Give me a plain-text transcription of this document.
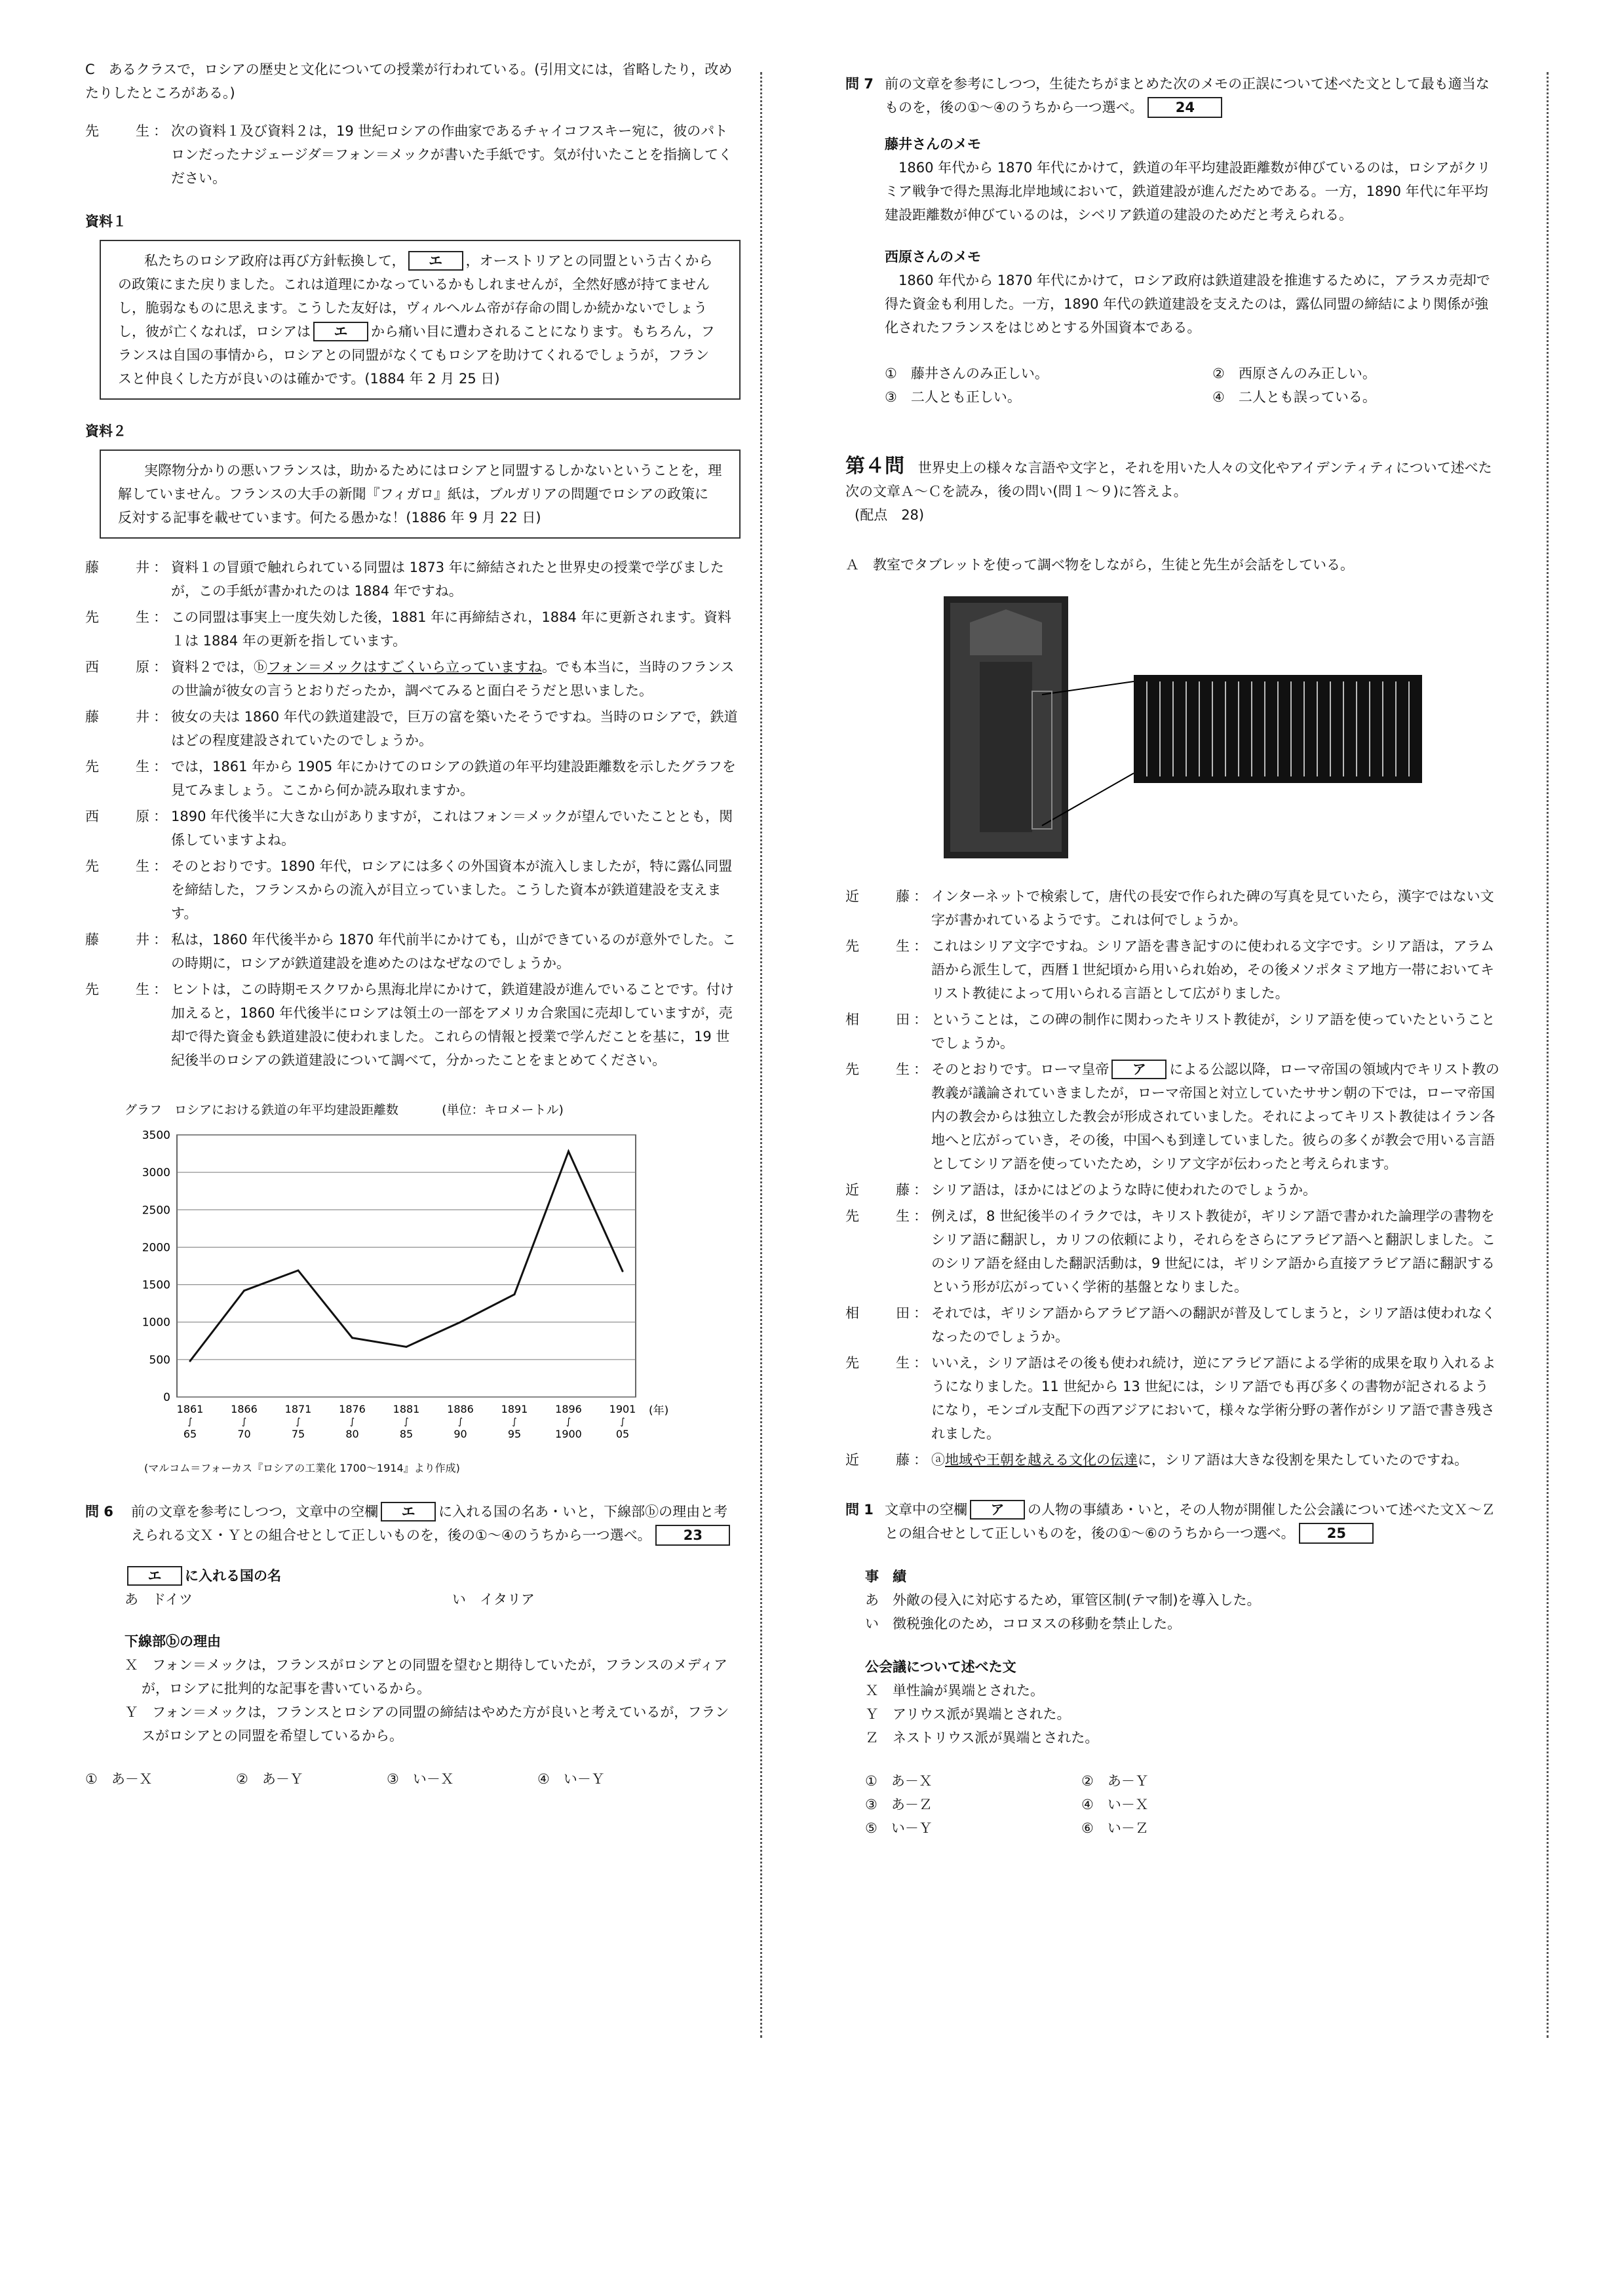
C　あるクラスで，ロシアの歴史と文化についての授業が行われている。(引用文には，省略したり，改めたりしたところがある。)

先　生 ： 次の資料１及び資料２は，19 世紀ロシアの作曲家であるチャイコフスキー宛に，彼のパトロンだったナジェージダ＝フォン＝メックが書いた手紙です。気が付いたことを指摘してください。
資料１
私たちのロシア政府は再び方針転換して， エ ，オーストリアとの同盟という古くからの政策にまた戻りました。これは道理にかなっているかもしれませんが，全然好感が持てませんし，脆弱なものに思えます。こうした友好は，ヴィルヘルム帝が存命の間しか続かないでしょうし，彼が亡くなれば，ロシアは エ から痛い目に遭わされることになります。もちろん，フランスは自国の事情から，ロシアとの同盟がなくてもロシアを助けてくれるでしょうが，フランスと仲良くした方が良いのは確かです。(1884 年 2 月 25 日)
資料２
実際物分かりの悪いフランスは，助かるためにはロシアと同盟するしかないということを，理解していません。フランスの大手の新聞『フィガロ』紙は，ブルガリアの問題でロシアの政策に反対する記事を載せています。何たる愚かな！(1886 年 9 月 22 日)
藤　井 ： 資料１の冒頭で触れられている同盟は 1873 年に締結されたと世界史の授業で学びましたが，この手紙が書かれたのは 1884 年ですね。
先　生 ： この同盟は事実上一度失効した後，1881 年に再締結され，1884 年に更新されます。資料１は 1884 年の更新を指しています。
西　原 ： 資料２では，ⓑフォン＝メックはすごくいら立っていますね。でも本当に，当時のフランスの世論が彼女の言うとおりだったか，調べてみると面白そうだと思いました。
藤　井 ： 彼女の夫は 1860 年代の鉄道建設で，巨万の富を築いたそうですね。当時のロシアで，鉄道はどの程度建設されていたのでしょうか。
先　生 ： では，1861 年から 1905 年にかけてのロシアの鉄道の年平均建設距離数を示したグラフを見てみましょう。ここから何か読み取れますか。
西　原 ： 1890 年代後半に大きな山がありますが，これはフォン＝メックが望んでいたこととも，関係していますよね。
先　生 ： そのとおりです。1890 年代，ロシアには多くの外国資本が流入しましたが，特に露仏同盟を締結した，フランスからの流入が目立っていました。こうした資本が鉄道建設を支えます。
藤　井 ： 私は，1860 年代後半から 1870 年代前半にかけても，山ができているのが意外でした。この時期に，ロシアが鉄道建設を進めたのはなぜなのでしょうか。
先　生 ： ヒントは，この時期モスクワから黒海北岸にかけて，鉄道建設が進んでいることです。付け加えると，1860 年代後半にロシアは領土の一部をアメリカ合衆国に売却していますが，売却で得た資金も鉄道建設に使われました。これらの情報と授業で学んだことを基に，19 世紀後半のロシアの鉄道建設について調べて，分かったことをまとめてください。
グラフ　ロシアにおける鉄道の年平均建設距離数	(単位：キロメートル)
0
500
1000
1500
2000
2500
3000
3500
1861
∫
65
1866
∫
70
1871
∫
75
1876
∫
80
1881
∫
85
1886
∫
90
1891
∫
95
1896
∫
1900
1901
∫
05
(年)
(マルコム＝フォーカス『ロシアの工業化 1700～1914』より作成)
問 6	前の文章を参考にしつつ，文章中の空欄 エ に入れる国の名あ・いと，下線部ⓑの理由と考えられる文Ｘ・Ｙとの組合せとして正しいものを，後の①～④のうちから一つ選べ。 23
エ に入れる国の名
あ　ドイツ	い　イタリア
下線部ⓑの理由
Ｘ　フォン＝メックは，フランスがロシアとの同盟を望むと期待していたが，フランスのメディアが，ロシアに批判的な記事を書いているから。
Ｙ　フォン＝メックは，フランスとロシアの同盟の締結はやめた方が良いと考えているが，フランスがロシアとの同盟を希望しているから。
①　あ－Ｘ	②　あ－Ｙ	③　い－Ｘ	④　い－Ｙ
問 7 前の文章を参考にしつつ，生徒たちがまとめた次のメモの正誤について述べた文として最も適当なものを，後の①～④のうちから一つ選べ。 24
藤井さんのメモ
1860 年代から 1870 年代にかけて，鉄道の年平均建設距離数が伸びているのは，ロシアがクリミア戦争で得た黒海北岸地域において，鉄道建設が進んだためである。一方，1890 年代に年平均建設距離数が伸びているのは，シベリア鉄道の建設のためだと考えられる。
西原さんのメモ
1860 年代から 1870 年代にかけて，ロシア政府は鉄道建設を推進するために，アラスカ売却で得た資金も利用した。一方，1890 年代の鉄道建設を支えたのは，露仏同盟の締結により関係が強化されたフランスをはじめとする外国資本である。
①　藤井さんのみ正しい。	②　西原さんのみ正しい。
③　二人とも正しい。	④　二人とも誤っている。
第４問 世界史上の様々な言語や文字と，それを用いた人々の文化やアイデンティティについて述べた次の文章Ａ～Ｃを読み，後の問い(問１～９)に答えよ。
(配点　28)
Ａ　教室でタブレットを使って調べ物をしながら，生徒と先生が会話をしている。
近　藤 ： インターネットで検索して，唐代の長安で作られた碑の写真を見ていたら，漢字ではない文字が書かれているようです。これは何でしょうか。
先　生 ： これはシリア文字ですね。シリア語を書き記すのに使われる文字です。シリア語は，アラム語から派生して，西暦１世紀頃から用いられ始め，その後メソポタミア地方一帯においてキリスト教徒によって用いられる言語として広がりました。
相　田 ： ということは，この碑の制作に関わったキリスト教徒が，シリア語を使っていたということでしょうか。
先　生 ： そのとおりです。ローマ皇帝 ア による公認以降，ローマ帝国の領域内でキリスト教の教義が議論されていきましたが，ローマ帝国と対立していたササン朝の下では，ローマ帝国内の教会からは独立した教会が形成されていました。それによってキリスト教徒はイラン各地へと広がっていき，その後，中国へも到達していました。彼らの多くが教会で用いる言語としてシリア語を使っていたため，シリア文字が伝わったと考えられます。
近　藤 ： シリア語は，ほかにはどのような時に使われたのでしょうか。
先　生 ： 例えば，8 世紀後半のイラクでは，キリスト教徒が，ギリシア語で書かれた論理学の書物をシリア語に翻訳し，カリフの依頼により，それらをさらにアラビア語へと翻訳しました。このシリア語を経由した翻訳活動は，9 世紀には，ギリシア語から直接アラビア語に翻訳するという形が広がっていく学術的基盤となりました。
相　田 ： それでは，ギリシア語からアラビア語への翻訳が普及してしまうと，シリア語は使われなくなったのでしょうか。
先　生 ： いいえ，シリア語はその後も使われ続け，逆にアラビア語による学術的成果を取り入れるようになりました。11 世紀から 13 世紀には，シリア語でも再び多くの書物が記されるようになり，モンゴル支配下の西アジアにおいて，様々な学術分野の著作がシリア語で書き残されました。
近　藤 ： ⓐ地域や王朝を越える文化の伝達に，シリア語は大きな役割を果たしていたのですね。
問 1 文章中の空欄 ア の人物の事績あ・いと，その人物が開催した公会議について述べた文Ｘ～Ｚとの組合せとして正しいものを，後の①～⑥のうちから一つ選べ。 25
事　績
あ　外敵の侵入に対応するため，軍管区制(テマ制)を導入した。
い　徴税強化のため，コロヌスの移動を禁止した。
公会議について述べた文
Ｘ　単性論が異端とされた。
Ｙ　アリウス派が異端とされた。
Ｚ　ネストリウス派が異端とされた。
①　あ－Ｘ	②　あ－Ｙ
③　あ－Ｚ	④　い－Ｘ
⑤　い－Ｙ	⑥　い－Ｚ
